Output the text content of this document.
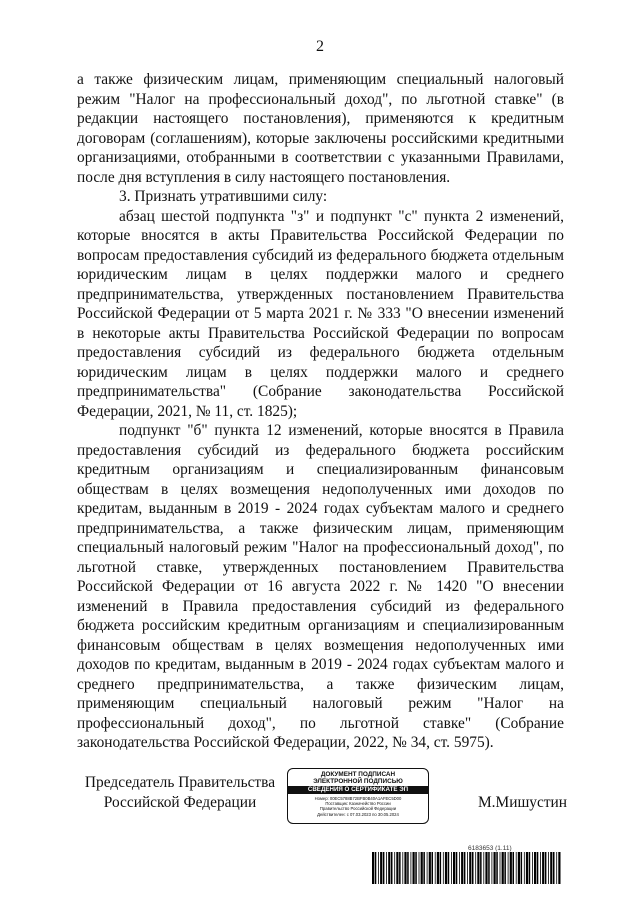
2

а также физическим лицам, применяющим специальный налоговый режим "Налог на профессиональный доход", по льготной ставке" (в редакции настоящего постановления), применяются к кредитным договорам (соглашениям), которые заключены российскими кредитными организациями, отобранными в соответствии с указанными Правилами, после дня вступления в силу настоящего постановления.

3. Признать утратившими силу:

абзац шестой подпункта "з" и подпункт "с" пункта 2 изменений, которые вносятся в акты Правительства Российской Федерации по вопросам предоставления субсидий из федерального бюджета отдельным юридическим лицам в целях поддержки малого и среднего предпринимательства, утвержденных постановлением Правительства Российской Федерации от 5 марта 2021 г. № 333 "О внесении изменений в некоторые акты Правительства Российской Федерации по вопросам предоставления субсидий из федерального бюджета отдельным юридическим лицам в целях поддержки малого и среднего предпринимательства" (Собрание законодательства Российской Федерации, 2021, № 11, ст. 1825);

подпункт "б" пункта 12 изменений, которые вносятся в Правила предоставления субсидий из федерального бюджета российским кредитным организациям и специализированным финансовым обществам в целях возмещения недополученных ими доходов по кредитам, выданным в 2019 - 2024 годах субъектам малого и среднего предпринимательства, а также физическим лицам, применяющим специальный налоговый режим "Налог на профессиональный доход", по льготной ставке, утвержденных постановлением Правительства Российской Федерации от 16 августа 2022 г. № 1420 "О внесении изменений в Правила предоставления субсидий из федерального бюджета российским кредитным организациям и специализированным финансовым обществам в целях возмещения недополученных ими доходов по кредитам, выданным в 2019 - 2024 годах субъектам малого и среднего предпринимательства, а также физическим лицам, применяющим специальный налоговый режим "Налог на профессиональный доход", по льготной ставке" (Собрание законодательства Российской Федерации, 2022, № 34, ст. 5975).

Председатель Правительства
Российской Федерации
ДОКУМЕНТ ПОДПИСАН
ЭЛЕКТРОННОЙ ПОДПИСЬЮ
СВЕДЕНИЯ О СЕРТИФИКАТЕ ЭП
Номер: 00EC5788B72BFB0B40A1AFEC5D00
Поставщик: Казначейство России
Правительство Российской Федерации
Действителен: с 07.03.2023 по 30.05.2024
М.Мишустин
6183653 (1.11)
